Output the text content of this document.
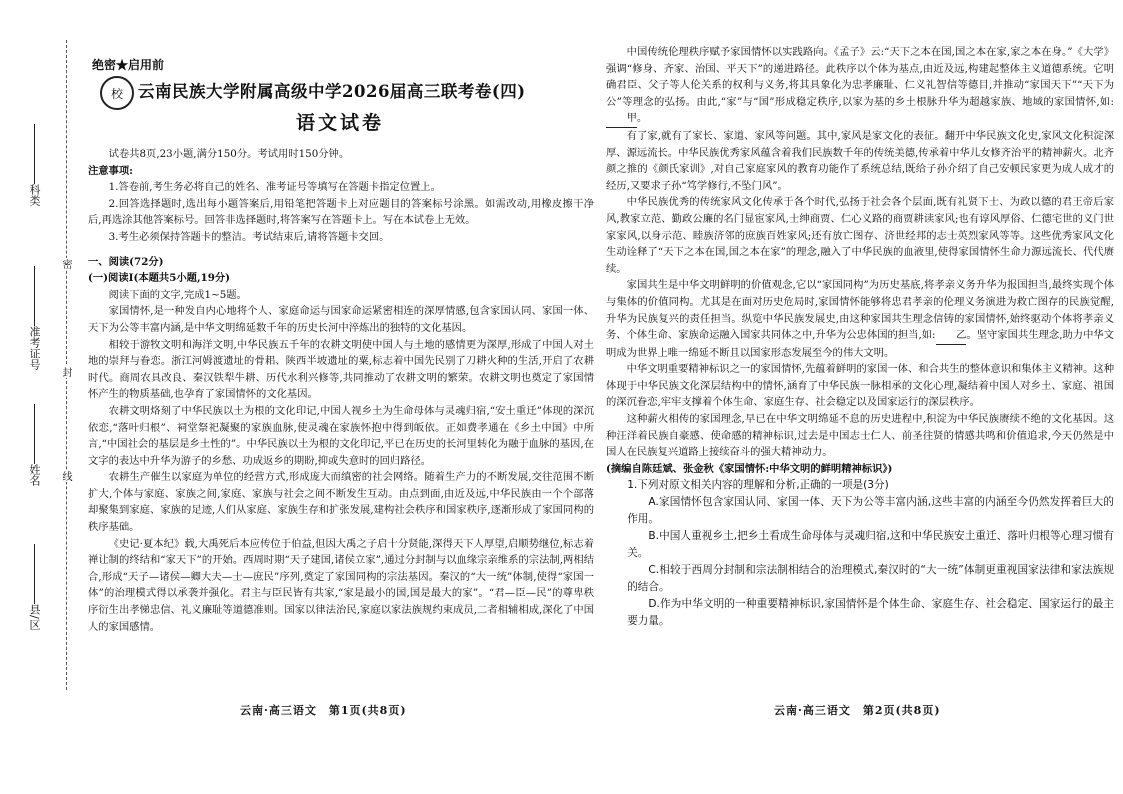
密
封
线
科类
准考证号
姓名
县/区
绝密★启用前
校 云南民族大学附属高级中学2026届高三联考卷(四)
语文试卷

试卷共8页,23小题,满分150分。考试用时150分钟。

注意事项:

1.答卷前,考生务必将自己的姓名、准考证号等填写在答题卡指定位置上。

2.回答选择题时,选出每小题答案后,用铅笔把答题卡上对应题目的答案标号涂黑。如需改动,用橡皮擦干净后,再选涂其他答案标号。回答非选择题时,将答案写在答题卡上。写在本试卷上无效。

3.考生必须保持答题卡的整洁。考试结束后,请将答题卡交回。

一、阅读(72分)

(一)阅读Ⅰ(本题共5小题,19分)

阅读下面的文字,完成1~5题。

家国情怀,是一种发自内心地将个人、家庭命运与国家命运紧密相连的深厚情感,包含家国认同、家国一体、天下为公等丰富内涵,是中华文明绵延数千年的历史长河中淬炼出的独特的文化基因。

相较于游牧文明和海洋文明,中华民族五千年的农耕文明使中国人与土地的感情更为深厚,形成了中国人对土地的崇拜与眷恋。浙江河姆渡遗址的骨耜、陕西半坡遗址的粟,标志着中国先民别了刀耕火种的生活,开启了农耕时代。商周农具改良、秦汉铁犁牛耕、历代水利兴修等,共同推动了农耕文明的繁荣。农耕文明也奠定了家国情怀产生的物质基础,也孕育了家国情怀的文化基因。

农耕文明烙刻了中华民族以土为根的文化印记,中国人视乡土为生命母体与灵魂归宿,“安土重迁”体现的深沉依恋,“落叶归根”、祠堂祭祀凝聚的家族血脉,使灵魂在家族怀抱中得到皈依。正如费孝通在《乡土中国》中所言,“中国社会的基层是乡土性的”。中华民族以土为根的文化印记,平已在历史的长河里转化为融于血脉的基因,在文字的表达中升华为游子的乡愁、功成返乡的期盼,抑或失意时的回归路径。

农耕生产催生以家庭为单位的经营方式,形成庞大而缜密的社会网络。随着生产力的不断发展,交往范围不断扩大,个体与家庭、家族之间,家庭、家族与社会之间不断发生互动。由点到面,由近及远,中华民族由一个个部落却聚集到家庭、家族的足迹,人们从家庭、家族生存和扩张发展,建构社会秩序和国家秩序,逐渐形成了家国同构的秩序基础。

《史记·夏本纪》载,大禹死后本应传位于伯益,但因大禹之子启十分贤能,深得天下人厚望,启顺势继位,标志着禅让制的终结和“家天下”的开始。西周时期“天子建国,诸侯立家”,通过分封制与以血缘宗亲维系的宗法制,两相结合,形成“天子—诸侯—卿大夫—士—庶民”序列,奠定了家国同构的宗法基因。秦汉的“大一统”体制,使得“家国一体”的治理模式得以承袭并强化。君主与臣民皆有共家,“家是最小的国,国是最大的家”。“君—臣—民”的尊卑秩序衍生出孝悌忠信、礼义廉耻等道德准则。国家以律法治民,家庭以家法族规约束成员,二者相辅相成,深化了中国人的家国感情。

云南·高三语文　第1页(共8页)

中国传统伦理秩序赋予家国情怀以实践路向。《孟子》云:“天下之本在国,国之本在家,家之本在身。”《大学》强调“修身、齐家、治国、平天下”的递进路径。此秩序以个体为基点,由近及远,构建起整体主义道德系统。它明确君臣、父子等人伦关系的权利与义务,将其具象化为忠孝廉耻、仁义礼智信等德目,并推动“家国天下”“天下为公”等理念的弘扬。由此,“家”与“国”形成稳定秩序,以家为基的乡土根脉升华为超越家族、地域的家国情怀,如:甲。

有了家,就有了家长、家道、家风等问题。其中,家风是家文化的表征。翻开中华民族文化史,家风文化积淀深厚、源远流长。中华民族优秀家风蕴含着我们民族数千年的传统美德,传承着中华儿女修齐治平的精神薪火。北齐颜之推的《颜氏家训》,对自己家庭家风的教育功能作了系统总结,既给子孙介绍了自己安顿民家更为成人成才的经历,又要求子孙“笃学修行,不坠门风”。

中华民族优秀的传统家风文化传承于各个时代,弘扬于社会各个层面,既有礼贤下士、为政以德的君王帝后家风,教家立范、勤政公廉的名门显宦家风,士绅商贾、仁心义路的商贾耕读家风;也有谆风厚俗、仁德宅世的义门世家家风,以身示范、睦族济邻的庶族百姓家风;还有放亡图存、济世经邦的志士英烈家风等等。这些优秀家风文化生动诠释了“天下之本在国,国之本在家”的理念,融入了中华民族的血液里,使得家国情怀生命力源远流长、代代赓续。

家国共生是中华文明鲜明的价值观念,它以“家国同构”为历史基底,将孝亲义务升华为报国担当,最终实现个体与集体的价值同构。尤其是在面对历史危局时,家国情怀能够将忠君孝亲的伦理义务演进为救亡图存的民族觉醒,升华为民族复兴的责任担当。纵览中华民族发展史,由这种家国共生理念信铸的家国情怀,始终驱动个体将孝亲义务、个体生命、家族命运融入国家共同体之中,升华为公忠体国的担当,如: 乙。坚守家国共生理念,助力中华文明成为世界上唯一绵延不断且以国家形态发展至今的伟大文明。

中华文明重要精神标识之一的家国情怀,先蕴着鲜明的家国一体、和合共生的整体意识和集体主义精神。这种体现于中华民族文化深层结构中的情怀,涵育了中华民族一脉相承的文化心理,凝结着中国人对乡土、家庭、祖国的深沉眷恋,牢牢支撑着个体生命、家庭生存、社会稳定以及国家运行的深层秩序。

这种薪火相传的家国理念,早已在中华文明绵延不息的历史进程中,积淀为中华民族赓续不绝的文化基因。这种汪洋着民族自豪感、使命感的精神标识,过去是中国志士仁人、前圣往贤的情感共鸣和价值追求,今天仍然是中国人在民族复兴道路上接续奋斗的强大精神动力。

(摘编自陈廷斌、张金秋《家国情怀:中华文明的鲜明精神标识》)

1.下列对原文相关内容的理解和分析,正确的一项是(3分)

A.家国情怀包含家国认同、家国一体、天下为公等丰富内涵,这些丰富的内涵至今仍然发挥着巨大的作用。

B.中国人重视乡土,把乡土看成生命母体与灵魂归宿,这和中华民族安土重迁、落叶归根等心理习惯有关。

C.相较于西周分封制和宗法制相结合的治理模式,秦汉时的“大一统”体制更重视国家法律和家法族规的结合。

D.作为中华文明的一种重要精神标识,家国情怀是个体生命、家庭生存、社会稳定、国家运行的最主要力量。

云南·高三语文　第2页(共8页)
